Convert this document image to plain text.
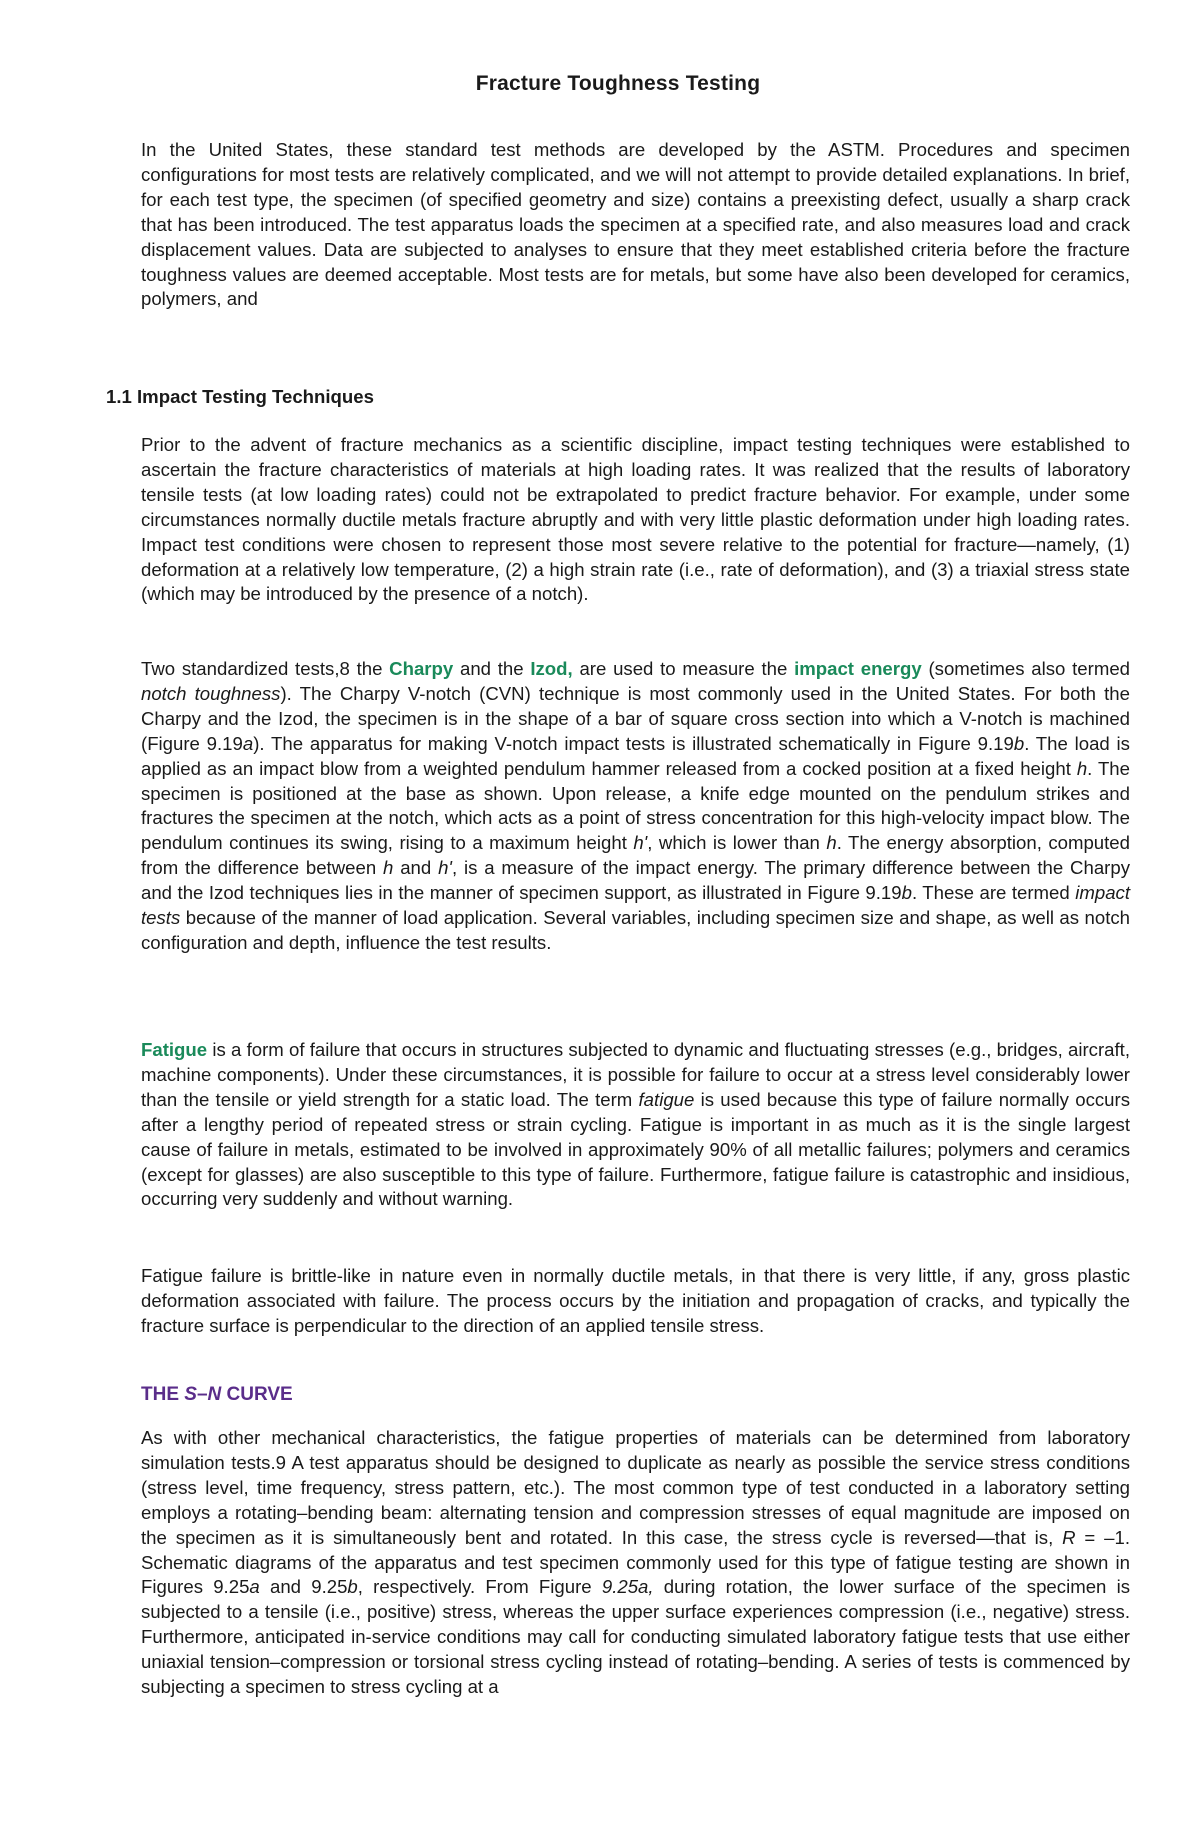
Fracture Toughness Testing

In the United States, these standard test methods are developed by the ASTM. Procedures and specimen configurations for most tests are relatively complicated, and we will not attempt to provide detailed explanations. In brief, for each test type, the specimen (of specified geometry and size) contains a preexisting defect, usually a sharp crack that has been introduced. The test apparatus loads the specimen at a specified rate, and also measures load and crack displacement values. Data are subjected to analyses to ensure that they meet established criteria before the fracture toughness values are deemed acceptable. Most tests are for metals, but some have also been developed for ceramics, polymers, and

1.1 Impact Testing Techniques

Prior to the advent of fracture mechanics as a scientific discipline, impact testing techniques were established to ascertain the fracture characteristics of materials at high loading rates. It was realized that the results of laboratory tensile tests (at low loading rates) could not be extrapolated to predict fracture behavior. For example, under some circumstances normally ductile metals fracture abruptly and with very little plastic deformation under high loading rates. Impact test conditions were chosen to represent those most severe relative to the potential for fracture—namely, (1) deformation at a relatively low temperature, (2) a high strain rate (i.e., rate of deformation), and (3) a triaxial stress state (which may be introduced by the presence of a notch).

Two standardized tests,8 the Charpy and the Izod, are used to measure the impact energy (sometimes also termed notch toughness). The Charpy V-notch (CVN) technique is most commonly used in the United States. For both the Charpy and the Izod, the specimen is in the shape of a bar of square cross section into which a V-notch is machined (Figure 9.19a). The apparatus for making V-notch impact tests is illustrated schematically in Figure 9.19b. The load is applied as an impact blow from a weighted pendulum hammer released from a cocked position at a fixed height h. The specimen is positioned at the base as shown. Upon release, a knife edge mounted on the pendulum strikes and fractures the specimen at the notch, which acts as a point of stress concentration for this high-velocity impact blow. The pendulum continues its swing, rising to a maximum height h', which is lower than h. The energy absorption, computed from the difference between h and h', is a measure of the impact energy. The primary difference between the Charpy and the Izod techniques lies in the manner of specimen support, as illustrated in Figure 9.19b. These are termed impact tests because of the manner of load application. Several variables, including specimen size and shape, as well as notch configuration and depth, influence the test results.

Fatigue is a form of failure that occurs in structures subjected to dynamic and fluctuating stresses (e.g., bridges, aircraft, machine components). Under these circumstances, it is possible for failure to occur at a stress level considerably lower than the tensile or yield strength for a static load. The term fatigue is used because this type of failure normally occurs after a lengthy period of repeated stress or strain cycling. Fatigue is important in as much as it is the single largest cause of failure in metals, estimated to be involved in approximately 90% of all metallic failures; polymers and ceramics (except for glasses) are also susceptible to this type of failure. Furthermore, fatigue failure is catastrophic and insidious, occurring very suddenly and without warning.

Fatigue failure is brittle-like in nature even in normally ductile metals, in that there is very little, if any, gross plastic deformation associated with failure. The process occurs by the initiation and propagation of cracks, and typically the fracture surface is perpendicular to the direction of an applied tensile stress.

THE S–N CURVE

As with other mechanical characteristics, the fatigue properties of materials can be determined from laboratory simulation tests.9 A test apparatus should be designed to duplicate as nearly as possible the service stress conditions (stress level, time frequency, stress pattern, etc.). The most common type of test conducted in a laboratory setting employs a rotating–bending beam: alternating tension and compression stresses of equal magnitude are imposed on the specimen as it is simultaneously bent and rotated. In this case, the stress cycle is reversed—that is, R = –1. Schematic diagrams of the apparatus and test specimen commonly used for this type of fatigue testing are shown in Figures 9.25a and 9.25b, respectively. From Figure 9.25a, during rotation, the lower surface of the specimen is subjected to a tensile (i.e., positive) stress, whereas the upper surface experiences compression (i.e., negative) stress. Furthermore, anticipated in-service conditions may call for conducting simulated laboratory fatigue tests that use either uniaxial tension–compression or torsional stress cycling instead of rotating–bending. A series of tests is commenced by subjecting a specimen to stress cycling at a
